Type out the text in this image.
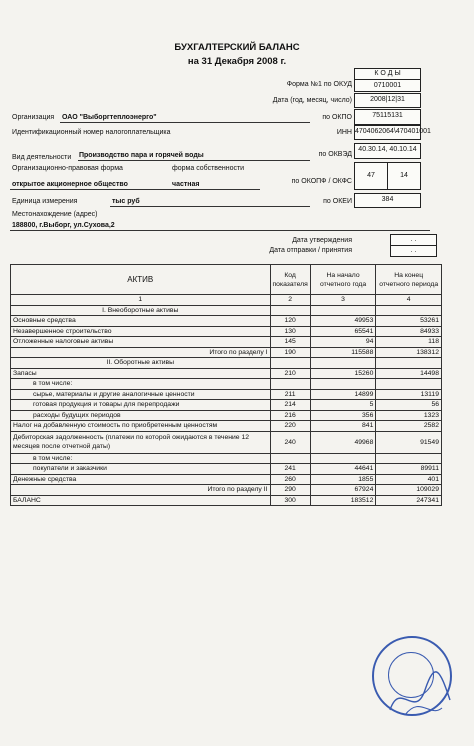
БУХГАЛТЕРСКИЙ БАЛАНС
на 31 Декабря 2008 г.
К О Д Ы
Форма №1 по ОКУД	0710001
Дата (год, месяц, число)	2008|12|31
Организация ОАО "Выборгтеплоэнерго"	по ОКПО	75115131
Идентификационный номер налогоплательщика	ИНН 4704062064\470401001
Вид деятельности Производство пара и горячей воды	по ОКВЭД
40.30.14, 40.10.14
Организационно-правовая форма	форма собственности
открытое акционерное общество	частная	по ОКОПФ / ОКФС
47	14
Единица измерения	тыс руб	по ОКЕИ	384
Местонахождение (адрес)
188800, г.Выборг, ул.Сухова,2
Дата утверждения	. .
Дата отправки / принятия	. .
АКТИВ	Код показателя	На начало отчетного года	На конец отчетного периода
1	2	3	4
I. Внеоборотные активы			
Основные средства	120	49953	53261
Незавершенное строительство	130	65541	84933
Отложенные налоговые активы	145	94	118
Итого по разделу I	190	115588	138312
II. Оборотные активы			
Запасы	210	15260	14498
в том числе:			
сырье, материалы и другие аналогичные ценности	211	14899	13119
готовая продукция и товары для перепродажи	214	5	56
расходы будущих периодов	216	356	1323
Налог на добавленную стоимость по приобретенным ценностям	220	841	2582
Дебиторская задолженность (платежи по которой ожидаются в течение 12 месяцев после отчетной даты)	240	49968	91549
в том числе:			
покупатели и заказчики	241	44641	89911
Денежные средства	260	1855	401
Итого по разделу II	290	67924	109029
БАЛАНС	300	183512	247341
